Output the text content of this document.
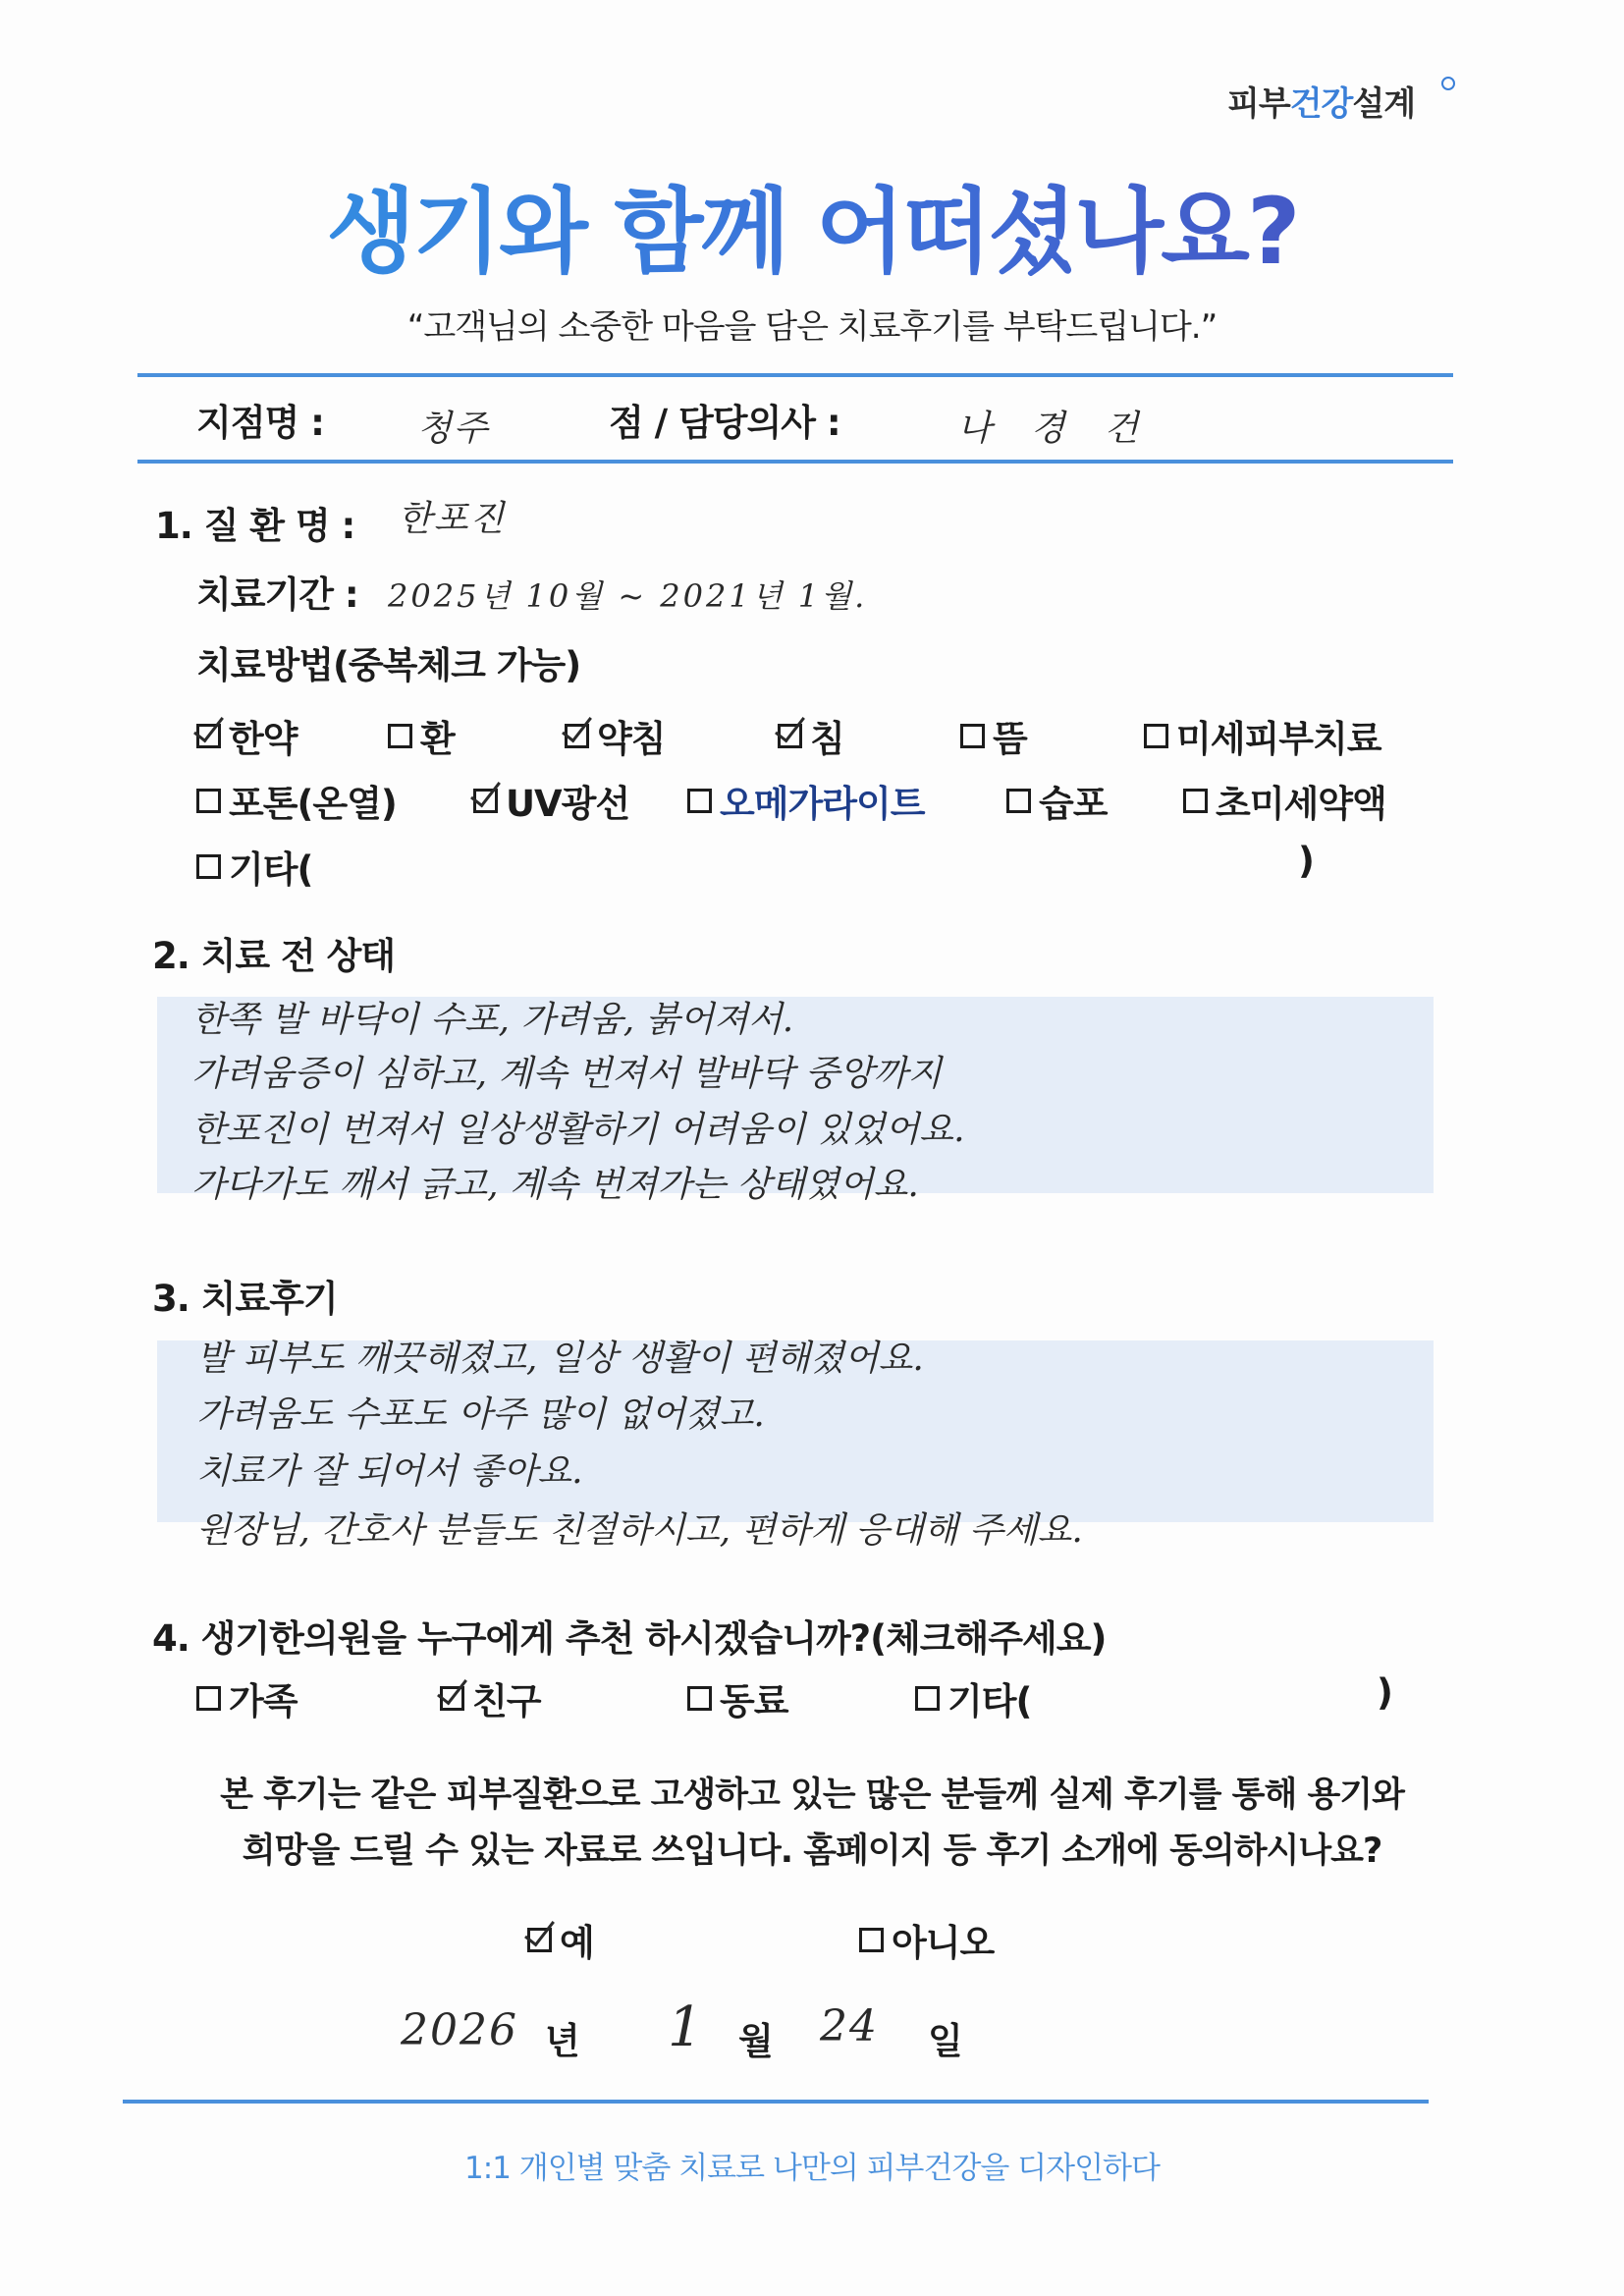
피부건강설계
생기와 함께 어떠셨나요?
“고객님의 소중한 마음을 담은 치료후기를 부탁드립니다.”
지점명 :	청주	점 / 담당의사 :	나경건
1. 질 환 명 : 한포진
치료기간 : 2025년 10월 ~ 2021년 1월.
치료방법(중복체크 가능)
한약	환	약침	침	뜸	미세피부치료
포톤(온열)	UV광선 오메가라이트	습포	초미세약액
기타(	)
2. 치료 전 상태
한쪽 발 바닥이 수포, 가려움, 붉어져서.
가려움증이 심하고, 계속 번져서 발바닥 중앙까지
한포진이 번져서 일상생활하기 어려움이 있었어요.
가다가도 깨서 긁고, 계속 번져가는 상태였어요.
3. 치료후기
발 피부도 깨끗해졌고, 일상 생활이 편해졌어요.
가려움도 수포도 아주 많이 없어졌고.
치료가 잘 되어서 좋아요.
원장님, 간호사 분들도 친절하시고, 편하게 응대해 주세요.
4. 생기한의원을 누구에게 추천 하시겠습니까?(체크해주세요)
가족	친구	동료	기타(	)
본 후기는 같은 피부질환으로 고생하고 있는 많은 분들께 실제 후기를 통해 용기와
희망을 드릴 수 있는 자료로 쓰입니다. 홈페이지 등 후기 소개에 동의하시나요?
예	아니오
2026 년 1 월 24 일
1:1 개인별 맞춤 치료로 나만의 피부건강을 디자인하다
